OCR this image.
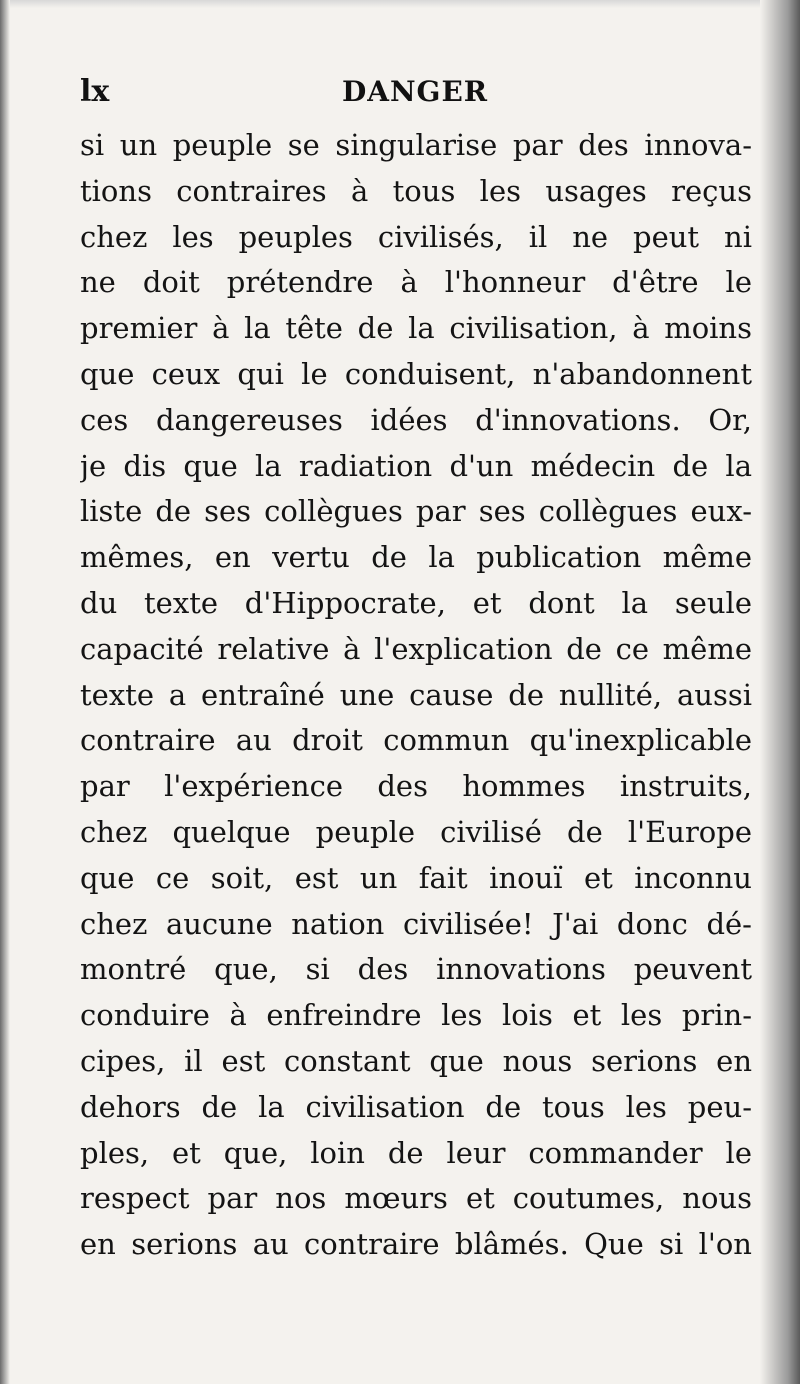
lx	DANGER
si un peuple se singularise par des innova-
tions contraires à tous les usages reçus
chez les peuples civilisés, il ne peut ni
ne doit prétendre à l'honneur d'être le
premier à la tête de la civilisation, à moins
que ceux qui le conduisent, n'abandonnent
ces dangereuses idées d'innovations. Or,
je dis que la radiation d'un médecin de la
liste de ses collègues par ses collègues eux-
mêmes, en vertu de la publication même
du texte d'Hippocrate, et dont la seule
capacité relative à l'explication de ce même
texte a entraîné une cause de nullité, aussi
contraire au droit commun qu'inexplicable
par l'expérience des hommes instruits,
chez quelque peuple civilisé de l'Europe
que ce soit, est un fait inouï et inconnu
chez aucune nation civilisée! J'ai donc dé-
montré que, si des innovations peuvent
conduire à enfreindre les lois et les prin-
cipes, il est constant que nous serions en
dehors de la civilisation de tous les peu-
ples, et que, loin de leur commander le
respect par nos mœurs et coutumes, nous
en serions au contraire blâmés. Que si l'on
